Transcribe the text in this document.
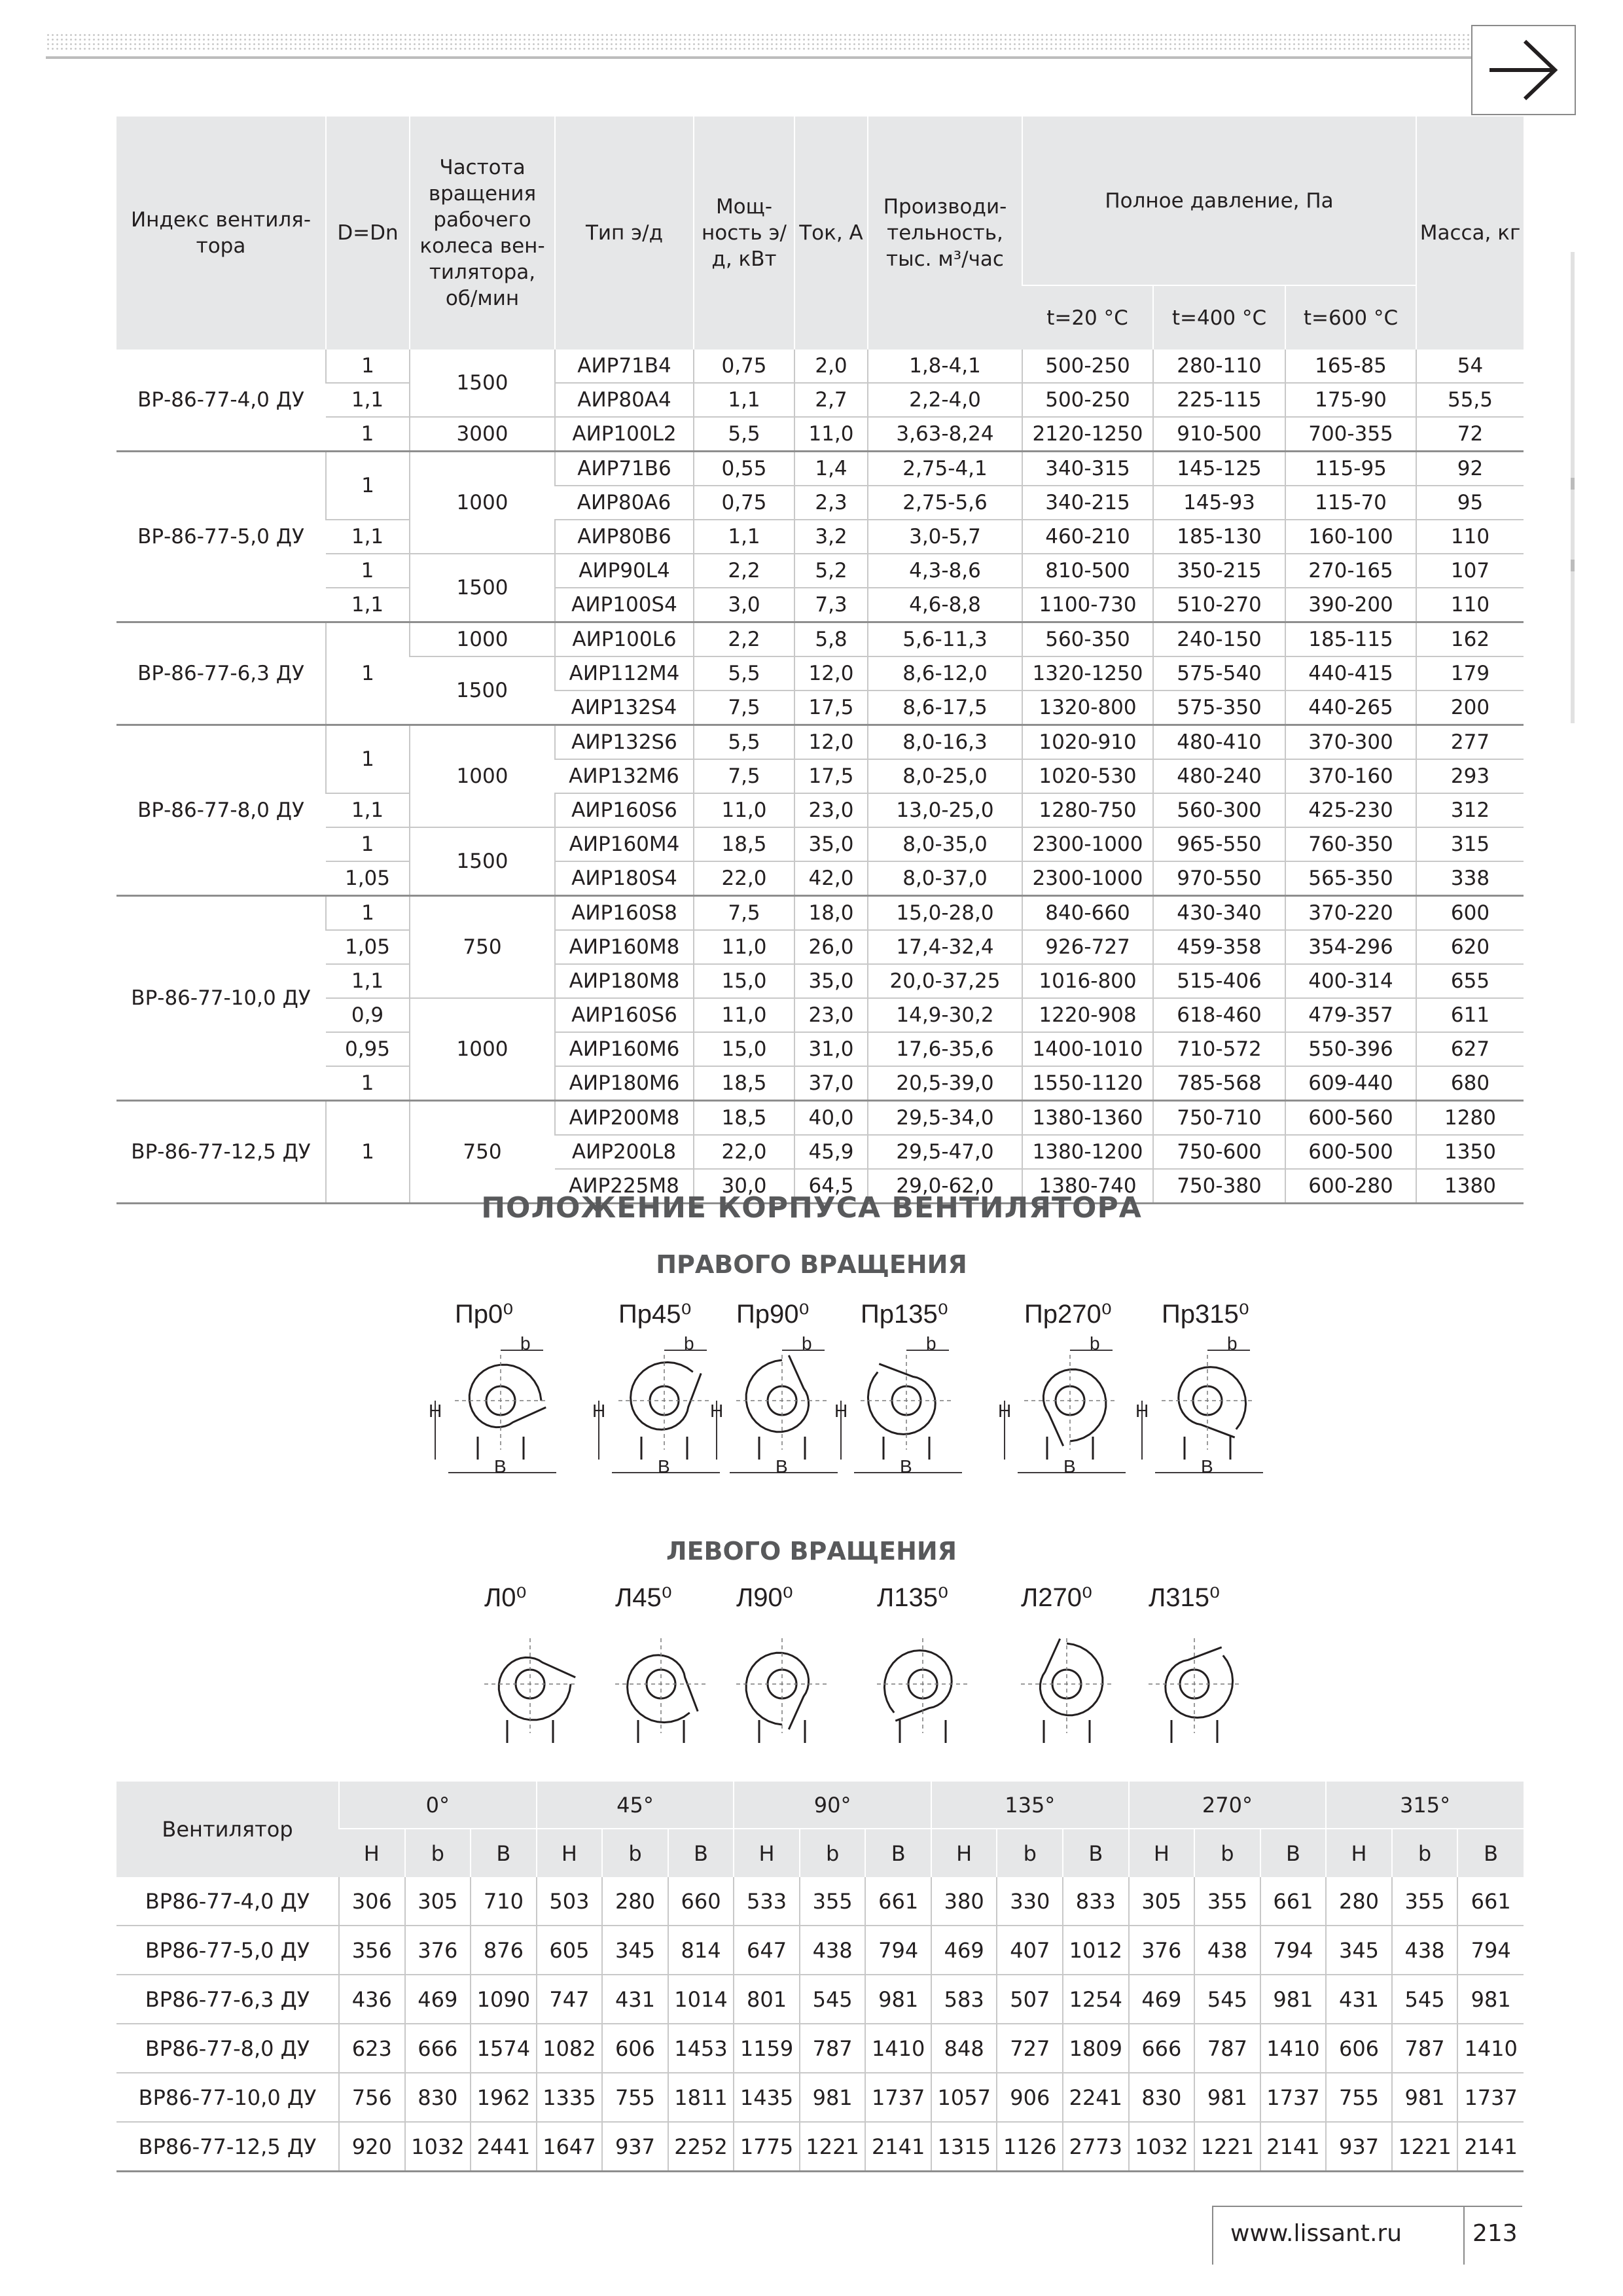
Индекс вентиля-тора	D=Dn	Частота вращения рабочего колеса вен-тилятора, об/мин	Тип э/д	Мощ-ность э/д, кВт	Ток, А	Производи-тельность, тыс. м³/час	Полное давление, Па			Масса, кг
							t=20 °C	t=400 °C	t=600 °C	
ВР-86-77-4,0 ДУ	1	1500	АИР71В4	0,75	2,0	1,8-4,1	500-250	280-110	165-85	54
	1,1		АИР80А4	1,1	2,7	2,2-4,0	500-250	225-115	175-90	55,5
	1	3000	АИР100L2	5,5	11,0	3,63-8,24	2120-1250	910-500	700-355	72
ВР-86-77-5,0 ДУ	1	1000	АИР71В6	0,55	1,4	2,75-4,1	340-315	145-125	115-95	92
			АИР80А6	0,75	2,3	2,75-5,6	340-215	145-93	115-70	95
	1,1		АИР80В6	1,1	3,2	3,0-5,7	460-210	185-130	160-100	110
	1	1500	АИР90L4	2,2	5,2	4,3-8,6	810-500	350-215	270-165	107
	1,1		АИР100S4	3,0	7,3	4,6-8,8	1100-730	510-270	390-200	110
ВР-86-77-6,3 ДУ	1	1000	АИР100L6	2,2	5,8	5,6-11,3	560-350	240-150	185-115	162
		1500	АИР112М4	5,5	12,0	8,6-12,0	1320-1250	575-540	440-415	179
			АИР132S4	7,5	17,5	8,6-17,5	1320-800	575-350	440-265	200
ВР-86-77-8,0 ДУ	1	1000	АИР132S6	5,5	12,0	8,0-16,3	1020-910	480-410	370-300	277
			АИР132М6	7,5	17,5	8,0-25,0	1020-530	480-240	370-160	293
	1,1		АИР160S6	11,0	23,0	13,0-25,0	1280-750	560-300	425-230	312
	1	1500	АИР160М4	18,5	35,0	8,0-35,0	2300-1000	965-550	760-350	315
	1,05		АИР180S4	22,0	42,0	8,0-37,0	2300-1000	970-550	565-350	338
ВР-86-77-10,0 ДУ	1	750	АИР160S8	7,5	18,0	15,0-28,0	840-660	430-340	370-220	600
	1,05		АИР160М8	11,0	26,0	17,4-32,4	926-727	459-358	354-296	620
	1,1		АИР180М8	15,0	35,0	20,0-37,25	1016-800	515-406	400-314	655
	0,9	1000	АИР160S6	11,0	23,0	14,9-30,2	1220-908	618-460	479-357	611
	0,95		АИР160М6	15,0	31,0	17,6-35,6	1400-1010	710-572	550-396	627
	1		АИР180М6	18,5	37,0	20,5-39,0	1550-1120	785-568	609-440	680
ВР-86-77-12,5 ДУ	1	750	АИР200М8	18,5	40,0	29,5-34,0	1380-1360	750-710	600-560	1280
			АИР200L8	22,0	45,9	29,5-47,0	1380-1200	750-600	600-500	1350
			АИР225М8	30,0	64,5	29,0-62,0	1380-740	750-380	600-280	1380
ПОЛОЖЕНИЕ КОРПУСА ВЕНТИЛЯТОРА
ПРАВОГО ВРАЩЕНИЯ
ЛЕВОГО ВРАЩЕНИЯ
Пр0⁰
H
b
B
Пр45⁰
H
b
B
Пр90⁰
H
b
B
Пр135⁰
H
b
B
Пр270⁰
H
b
B
Пр315⁰
H
b
B
Л0⁰	Л45⁰ Л90⁰	Л135⁰	Л270⁰ Л315⁰
Вентилятор	0°			45°			90°			135°			270°			315°		
	H	b	B	H	b	B	H	b	B	H	b	B	H	b	B	H	b	B
ВР86-77-4,0 ДУ	306	305	710	503	280	660	533	355	661	380	330	833	305	355	661	280	355	661
ВР86-77-5,0 ДУ	356	376	876	605	345	814	647	438	794	469	407	1012	376	438	794	345	438	794
ВР86-77-6,3 ДУ	436	469	1090	747	431	1014	801	545	981	583	507	1254	469	545	981	431	545	981
ВР86-77-8,0 ДУ	623	666	1574	1082	606	1453	1159	787	1410	848	727	1809	666	787	1410	606	787	1410
ВР86-77-10,0 ДУ	756	830	1962	1335	755	1811	1435	981	1737	1057	906	2241	830	981	1737	755	981	1737
ВР86-77-12,5 ДУ	920	1032	2441	1647	937	2252	1775	1221	2141	1315	1126	2773	1032	1221	2141	937	1221	2141
www.lissant.ru	213
